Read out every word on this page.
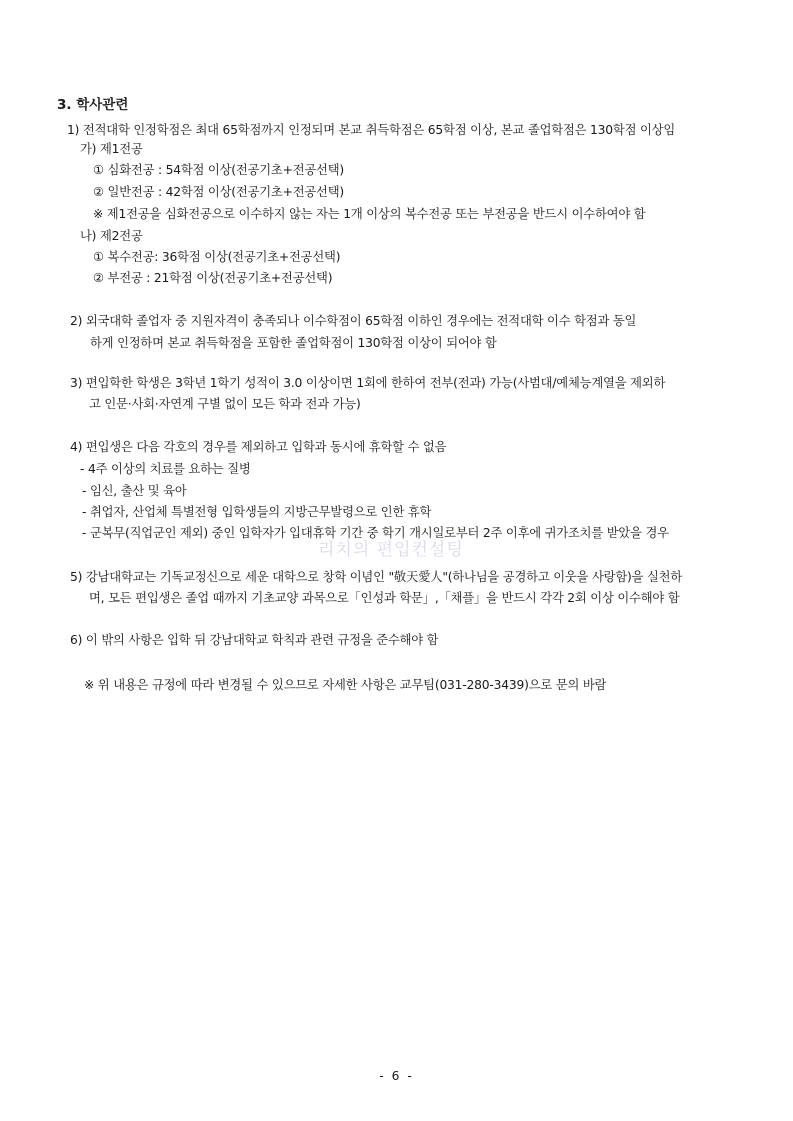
3. 학사관련
1) 전적대학 인정학점은 최대 65학점까지 인정되며 본교 취득학점은 65학점 이상, 본교 졸업학점은 130학점 이상임
가) 제1전공
① 심화전공 : 54학점 이상(전공기초+전공선택)
② 일반전공 : 42학점 이상(전공기초+전공선택)
※ 제1전공을 심화전공으로 이수하지 않는 자는 1개 이상의 복수전공 또는 부전공을 반드시 이수하여야 함
나) 제2전공
① 복수전공: 36학점 이상(전공기초+전공선택)
② 부전공 : 21학점 이상(전공기초+전공선택)
2) 외국대학 졸업자 중 지원자격이 충족되나 이수학점이 65학점 이하인 경우에는 전적대학 이수 학점과 동일
하게 인정하며 본교 취득학점을 포함한 졸업학점이 130학점 이상이 되어야 함
3) 편입학한 학생은 3학년 1학기 성적이 3.0 이상이면 1회에 한하여 전부(전과) 가능(사범대/예체능계열을 제외하
고 인문·사회·자연계 구별 없이 모든 학과 전과 가능)
4) 편입생은 다음 각호의 경우를 제외하고 입학과 동시에 휴학할 수 없음
- 4주 이상의 치료를 요하는 질병
- 임신, 출산 및 육아
- 취업자, 산업체 특별전형 입학생들의 지방근무발령으로 인한 휴학
- 군복무(직업군인 제외) 중인 입학자가 입대휴학 기간 중 학기 개시일로부터 2주 이후에 귀가조치를 받았을 경우
리치의 편입컨설팅
5) 강남대학교는 기독교정신으로 세운 대학으로 창학 이념인 "敬天愛人"(하나님을 공경하고 이웃을 사랑함)을 실천하
며, 모든 편입생은 졸업 때까지 기초교양 과목으로「인성과 학문」,「채플」을 반드시 각각 2회 이상 이수해야 함
6) 이 밖의 사항은 입학 뒤 강남대학교 학칙과 관련 규정을 준수해야 함
※ 위 내용은 규정에 따라 변경될 수 있으므로 자세한 사항은 교무팀(031-280-3439)으로 문의 바람
- 6 -
